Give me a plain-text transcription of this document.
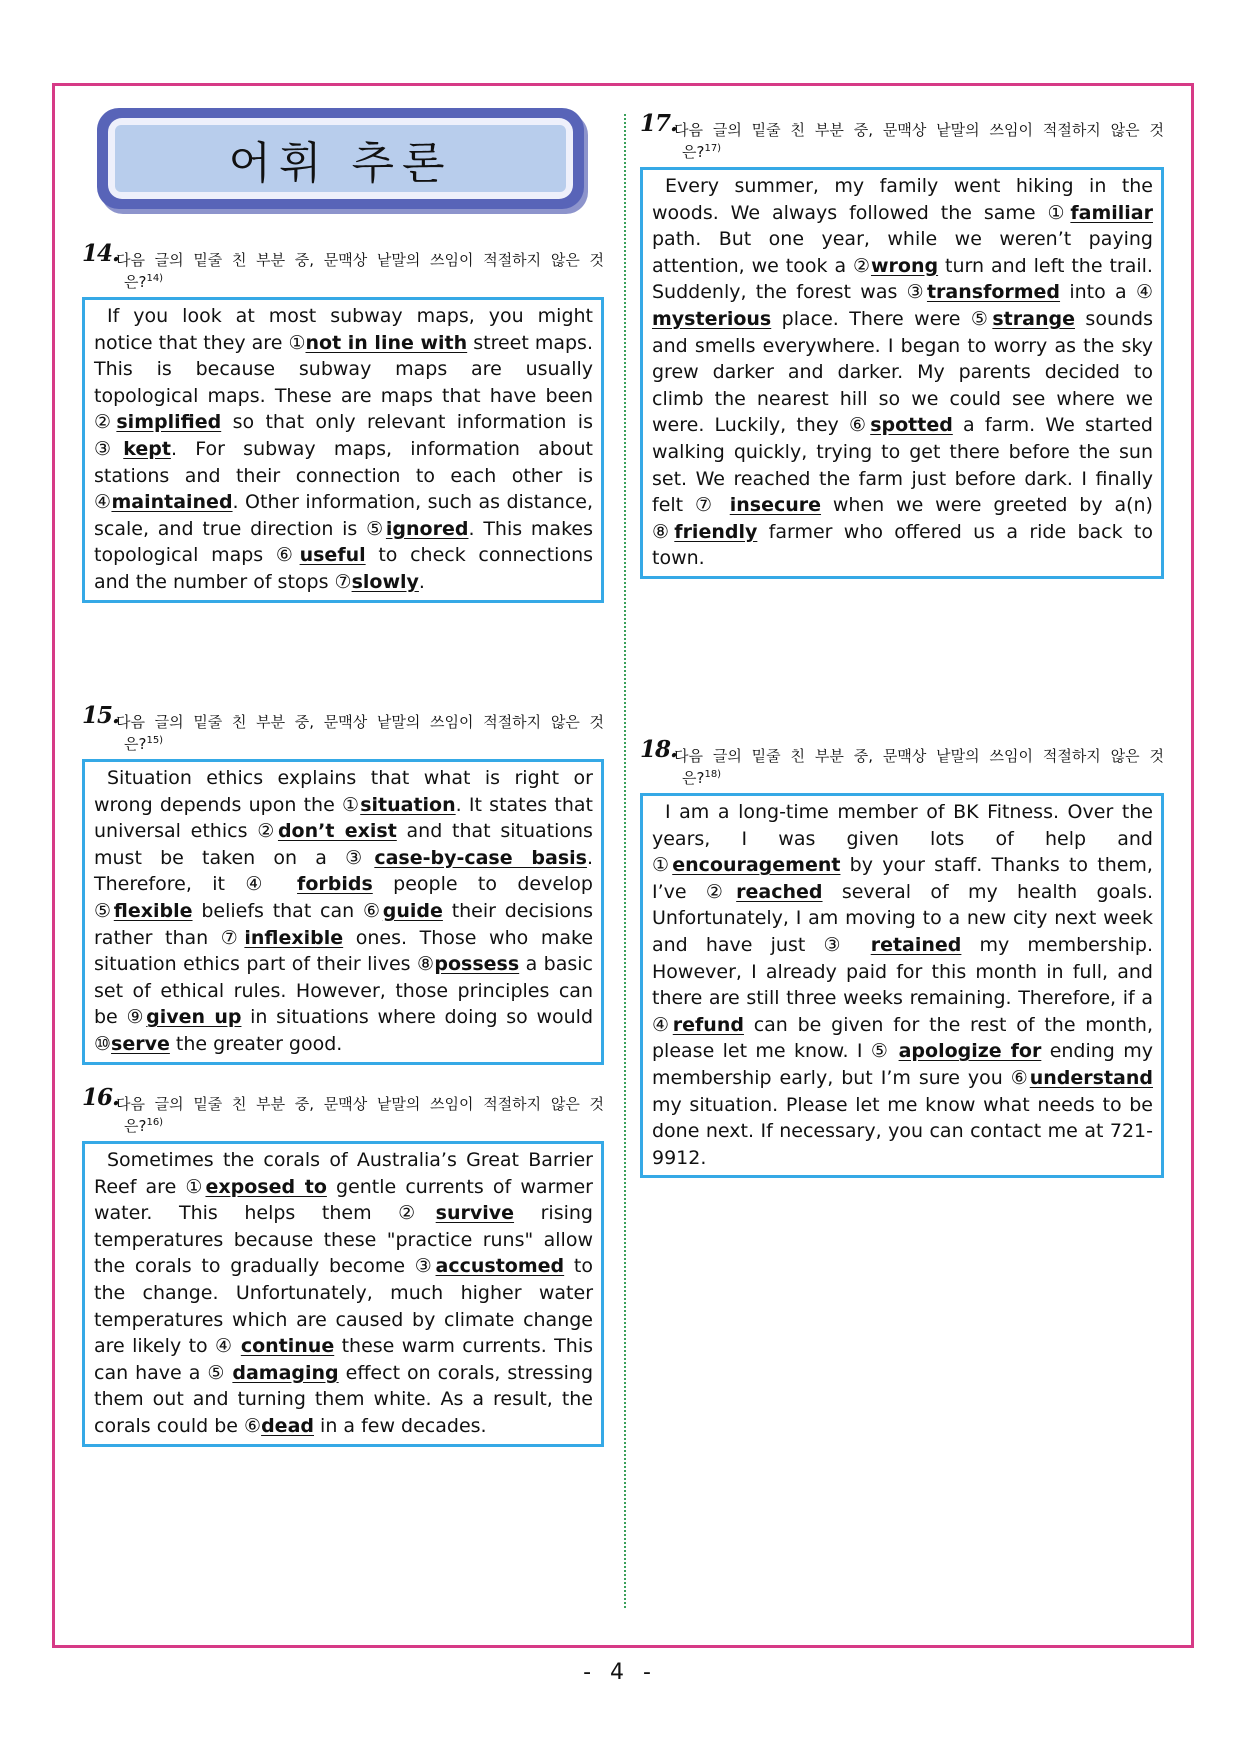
어휘 추론
14.
다음 글의 밑줄 친 부분 중, 문맥상 낱말의 쓰임이 적절하지 않은 것
은?$^{14)}$
If you look at most subway maps, you might notice that they are ①not in line with street maps. This is because subway maps are usually topological maps. These are maps that have been ②simplified so that only relevant information is ③kept. For subway maps, information about stations and their connection to each other is ④maintained. Other information, such as distance, scale, and true direction is ⑤ignored. This makes topological maps ⑥useful to check connections and the number of stops ⑦slowly.
15.
다음 글의 밑줄 친 부분 중, 문맥상 낱말의 쓰임이 적절하지 않은 것
은?$^{15)}$
Situation ethics explains that what is right or wrong depends upon the ①situation. It states that universal ethics ②don’t exist and that situations must be taken on a ③case-by-case basis. Therefore, it ④ forbids people to develop ⑤flexible beliefs that can ⑥guide their decisions rather than ⑦inflexible ones. Those who make situation ethics part of their lives ⑧possess a basic set of ethical rules. However, those principles can be ⑨given up in situations where doing so would ⑩serve the greater good.
16.
다음 글의 밑줄 친 부분 중, 문맥상 낱말의 쓰임이 적절하지 않은 것
은?$^{16)}$
Sometimes the corals of Australia’s Great Barrier Reef are ①exposed to gentle currents of warmer water. This helps them ②survive rising temperatures because these "practice runs" allow the corals to gradually become ③accustomed to the change. Unfortunately, much higher water temperatures which are caused by climate change are likely to ④ continue these warm currents. This can have a ⑤ damaging effect on corals, stressing them out and turning them white. As a result, the corals could be ⑥dead in a few decades.
17.
다음 글의 밑줄 친 부분 중, 문맥상 낱말의 쓰임이 적절하지 않은 것
은?$^{17)}$
Every summer, my family went hiking in the woods. We always followed the same ①familiar path. But one year, while we weren’t paying attention, we took a ②wrong turn and left the trail. Suddenly, the forest was ③transformed into a ④ mysterious place. There were ⑤strange sounds and smells everywhere. I began to worry as the sky grew darker and darker. My parents decided to climb the nearest hill so we could see where we were. Luckily, they ⑥spotted a farm. We started walking quickly, trying to get there before the sun set. We reached the farm just before dark. I finally felt ⑦ insecure when we were greeted by a(n) ⑧friendly farmer who offered us a ride back to town.
18.
다음 글의 밑줄 친 부분 중, 문맥상 낱말의 쓰임이 적절하지 않은 것
은?$^{18)}$
I am a long-time member of BK Fitness. Over the years, I was given lots of help and ①encouragement by your staff. Thanks to them, I’ve ②reached several of my health goals. Unfortunately, I am moving to a new city next week and have just ③ retained my membership. However, I already paid for this month in full, and there are still three weeks remaining. Therefore, if a ④refund can be given for the rest of the month, please let me know. I ⑤ apologize for ending my membership early, but I’m sure you ⑥understand my situation. Please let me know what needs to be done next. If necessary, you can contact me at 721-9912.
- 4 -
